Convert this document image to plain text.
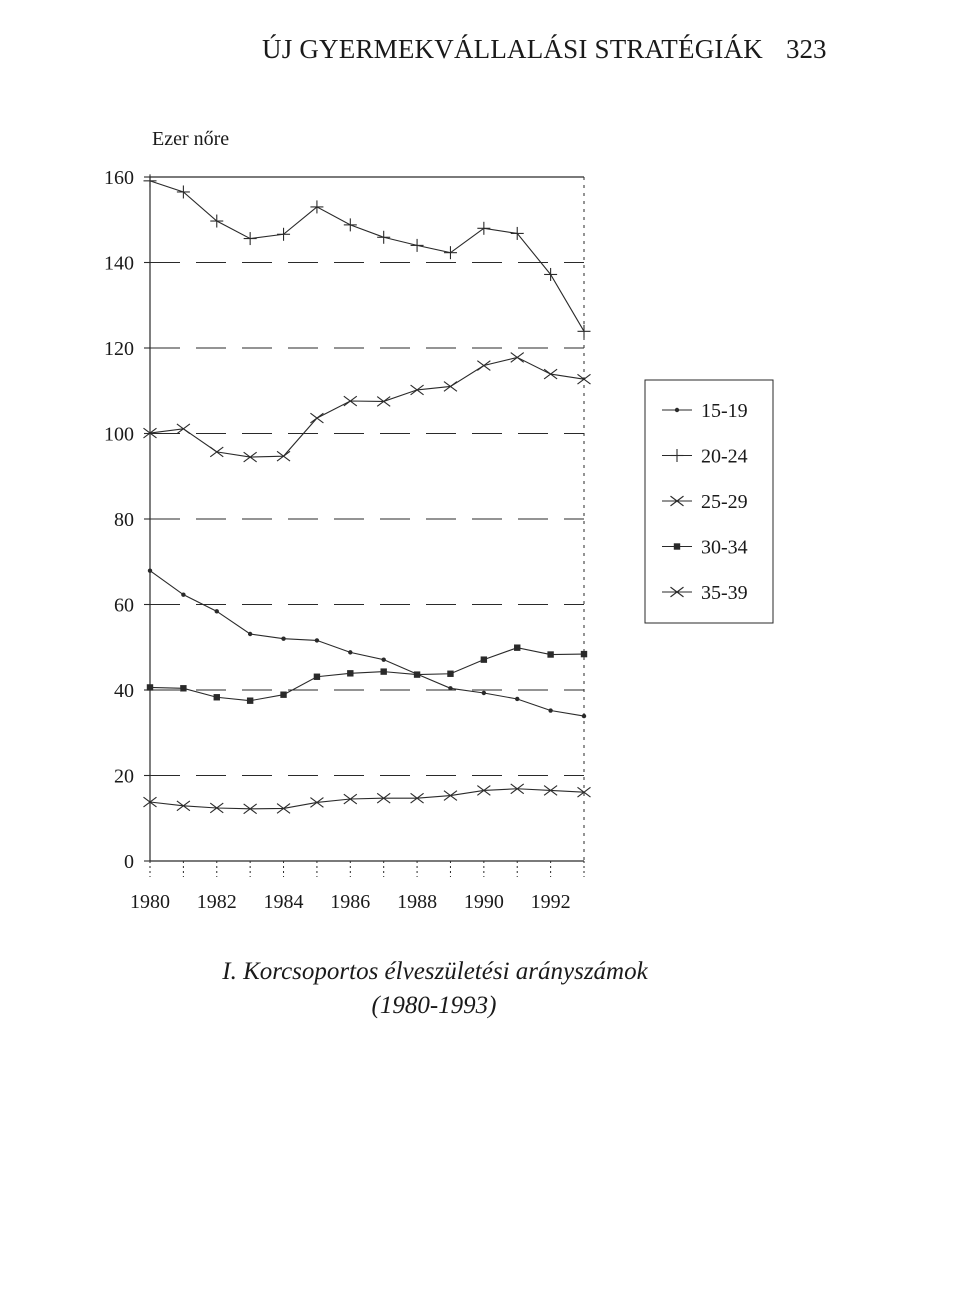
ÚJ GYERMEKVÁLLALÁSI STRATÉGIÁK 323
Ezer nőre
0
20
40
60
80
100
120
140
160
1980 1982 1984 1986 1988 1990 1992
15-19
20-24
25-29
30-34
35-39
I. Korcsoportos élveszületési arányszámok
(1980-1993)
